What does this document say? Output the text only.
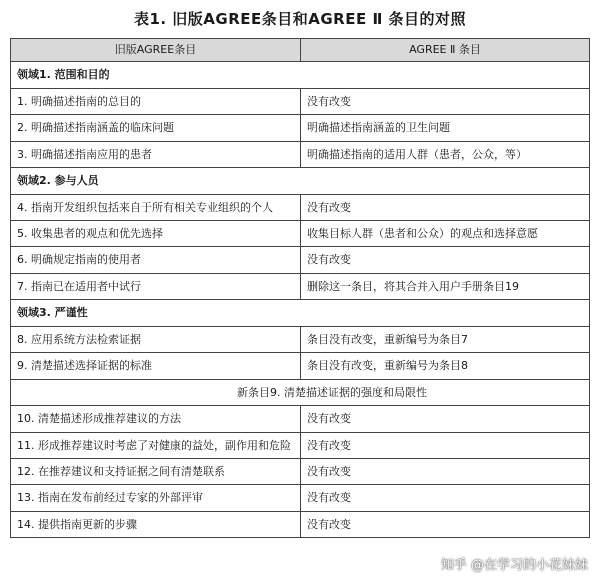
表1. 旧版AGREE条目和AGREE Ⅱ 条目的对照
旧版AGREE条目	AGREE Ⅱ 条目
领域1. 范围和目的	
1. 明确描述指南的总目的	没有改变
2. 明确描述指南涵盖的临床问题	明确描述指南涵盖的卫生问题
3. 明确描述指南应用的患者	明确描述指南的适用人群（患者，公众，等）
领域2. 参与人员	
4. 指南开发组织包括来自于所有相关专业组织的个人	没有改变
5. 收集患者的观点和优先选择	收集目标人群（患者和公众）的观点和选择意愿
6. 明确规定指南的使用者	没有改变
7. 指南已在适用者中试行	删除这一条目，将其合并入用户手册条目19
领域3. 严谨性	
8. 应用系统方法检索证据	条目没有改变，重新编号为条目7
9. 清楚描述选择证据的标准	条目没有改变，重新编号为条目8
新条目9. 清楚描述证据的强度和局限性	
10. 清楚描述形成推荐建议的方法	没有改变
11. 形成推荐建议时考虑了对健康的益处，副作用和危险	没有改变
12. 在推荐建议和支持证据之间有清楚联系	没有改变
13. 指南在发布前经过专家的外部评审	没有改变
14. 提供指南更新的步骤	没有改变
知乎 @在学习的小花妹妹
